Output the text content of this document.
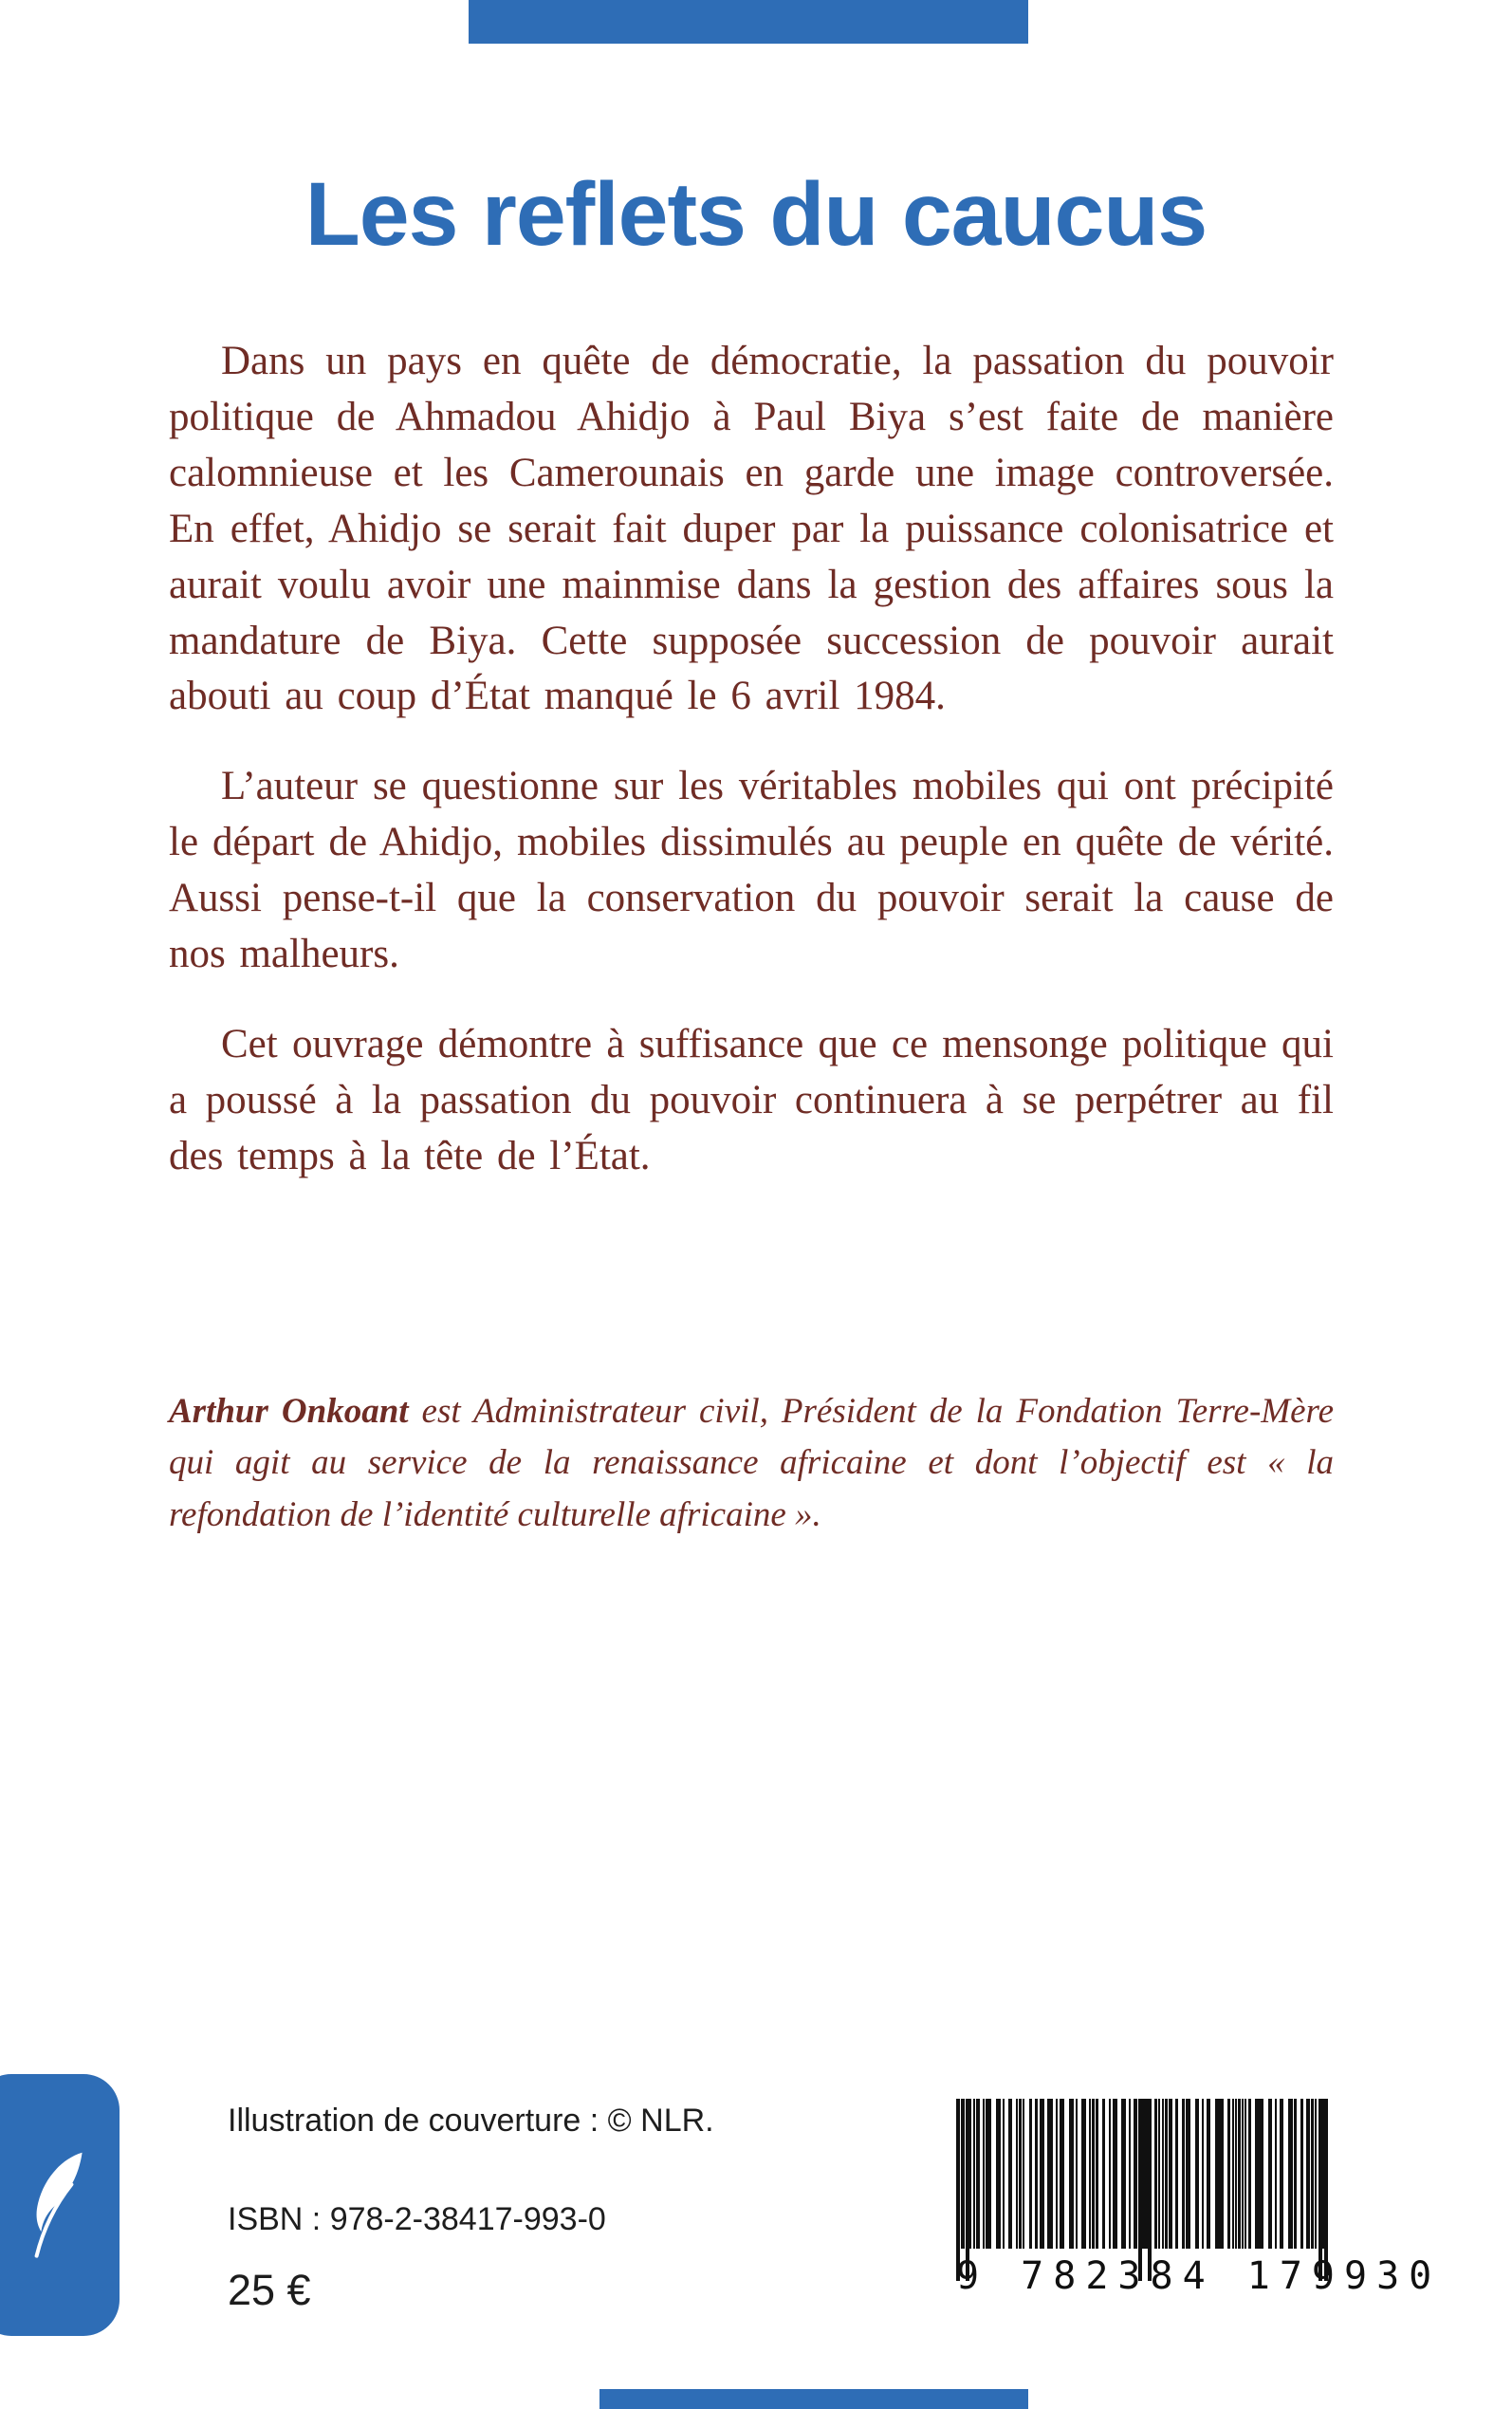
Les reflets du caucus

Dans un pays en quête de démocratie, la passation du pouvoir politique de Ahmadou Ahidjo à Paul Biya s’est faite de manière calomnieuse et les Camerounais en garde une image controversée. En effet, Ahidjo se serait fait duper par la puissance colonisatrice et aurait voulu avoir une mainmise dans la gestion des affaires sous la mandature de Biya. Cette supposée succession de pouvoir aurait abouti au coup d’État manqué le 6 avril 1984.

L’auteur se questionne sur les véritables mobiles qui ont précipité le départ de Ahidjo, mobiles dissimulés au peuple en quête de vérité. Aussi pense-t-il que la conservation du pouvoir serait la cause de nos malheurs.

Cet ouvrage démontre à suffisance que ce mensonge politique qui a poussé à la passation du pouvoir continuera à se perpétrer au fil des temps à la tête de l’État.

Arthur Onkoant est Administrateur civil, Président de la Fondation Terre-Mère qui agit au service de la renaissance africaine et dont l’objectif est « la refondation de l’identité culturelle africaine ».
Illustration de couverture : © NLR.
ISBN : 978-2-38417-993-0
25 €	9 782384 179930
